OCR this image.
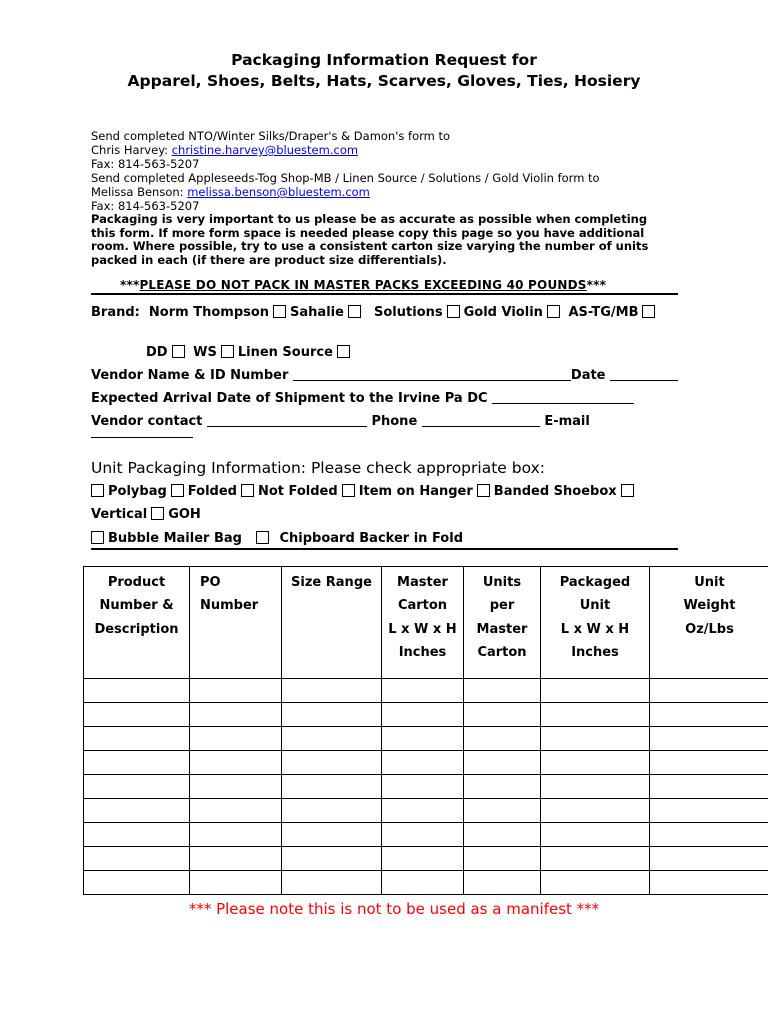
Packaging Information Request for
Apparel, Shoes, Belts, Hats, Scarves, Gloves, Ties, Hosiery
Send completed NTO/Winter Silks/Draper's & Damon's form to
Chris Harvey: christine.harvey@bluestem.com
Fax: 814-563-5207
Send completed Appleseeds-Tog Shop-MB / Linen Source / Solutions / Gold Violin form to
Melissa Benson: melissa.benson@bluestem.com
Fax: 814-563-5207
Packaging is very important to us please be as accurate as possible when completing this form. If more form space is needed please copy this page so you have additional room. Where possible, try to use a consistent carton size varying the number of units packed in each (if there are product size differentials).
***PLEASE DO NOT PACK IN MASTER PACKS EXCEEDING 40 POUNDS***
Brand: Norm Thompson Sahalie Solutions Gold Violin AS-TG/MB
DD WS Linen Source
Vendor Name & ID Number	Date
Expected Arrival Date of Shipment to the Irvine Pa DC
Vendor contact	Phone	E-mail
Unit Packaging Information: Please check appropriate box:
Polybag Folded Not Folded Item on Hanger Banded Shoebox
Vertical GOH
Bubble Mailer Bag	Chipboard Backer in Fold
Product
Number &
Description	PO
Number	Size Range	Master
Carton
L x W x H
Inches	Units
per
Master
Carton	Packaged
Unit
L x W x H
Inches	Unit
Weight
Oz/Lbs

*** Please note this is not to be used as a manifest ***
